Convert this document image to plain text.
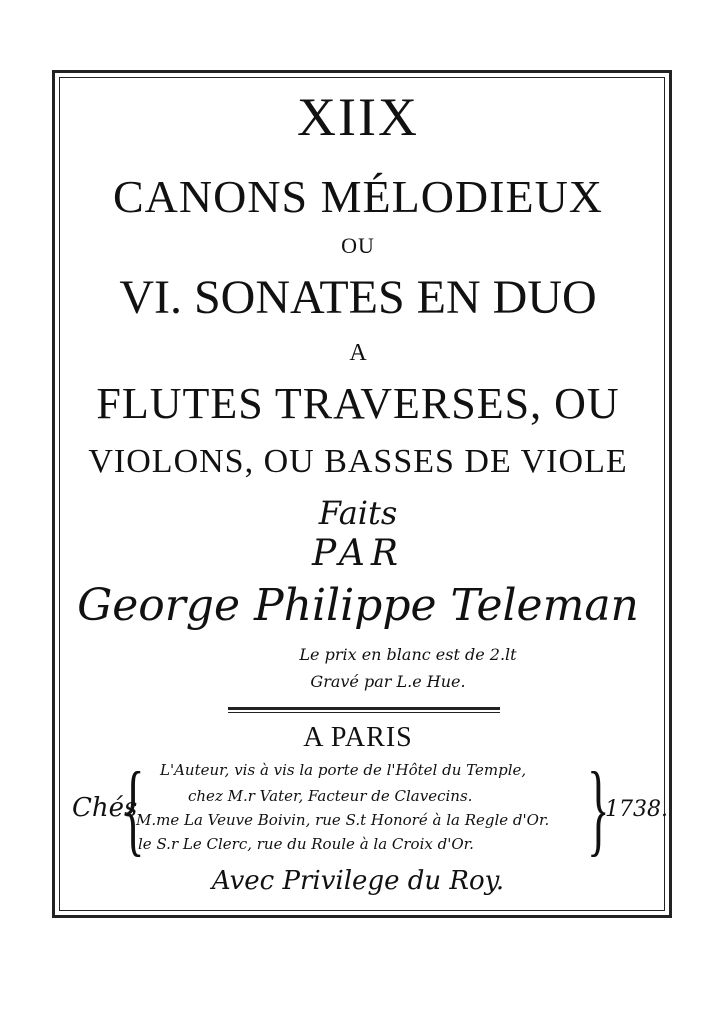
XIIX
CANONS MÉLODIEUX
OU
VI. SONATES EN DUO
A
FLUTES TRAVERSES, OU
VIOLONS, OU BASSES DE VIOLE
Faits
PAR
George Philippe Teleman
Le prix en blanc est de 2.lt
Gravé par L.e Hue.
A PARIS
Chés
{ L'Auteur, vis à vis la porte de l'Hôtel du Temple,
chez M.r Vater, Facteur de Clavecins.
M.me La Veuve Boivin, rue S.t Honoré à la Regle d'Or.
le S.r Le Clerc, rue du Roule à la Croix d'Or. }
1738.
Avec Privilege du Roy.
